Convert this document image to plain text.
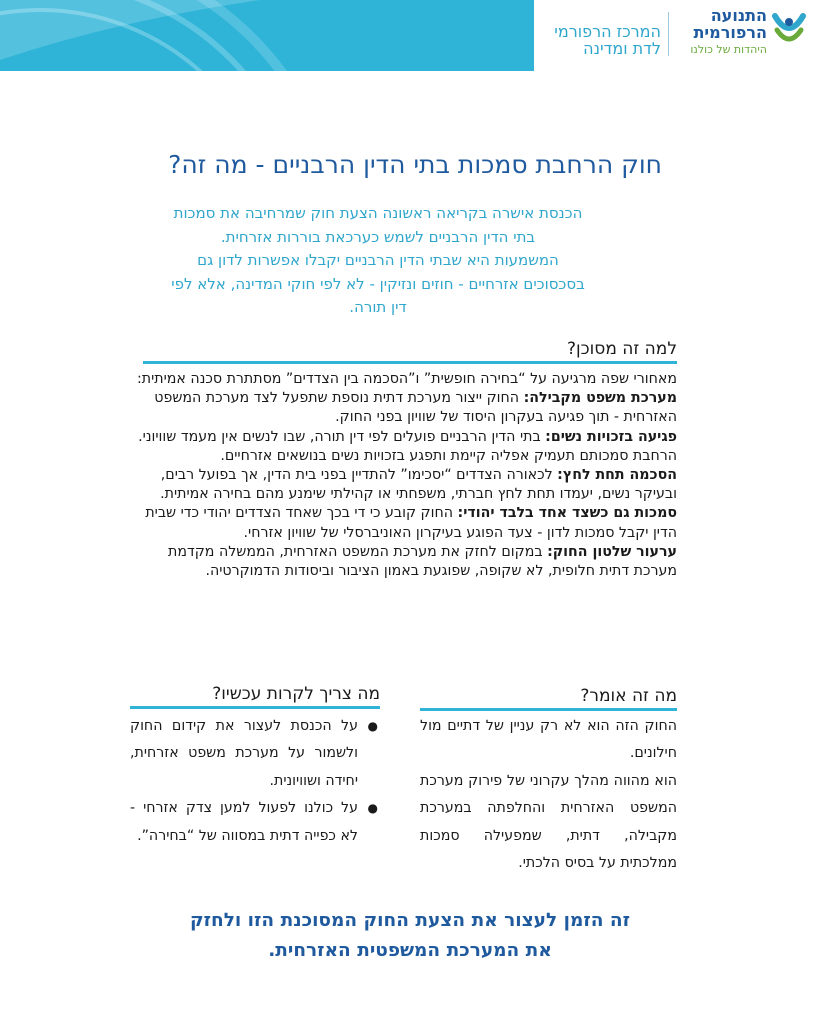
המרכז הרפורמי
לדת ומדינה
התנועה
הרפורמית
היהדות של כולנו
חוק הרחבת סמכות בתי הדין הרבניים - מה זה?
הכנסת אישרה בקריאה ראשונה הצעת חוק שמרחיבה את סמכות
בתי הדין הרבניים לשמש כערכאת בוררות אזרחית.
המשמעות היא שבתי הדין הרבניים יקבלו אפשרות לדון גם
בסכסוכים אזרחיים - חוזים ונזיקין - לא לפי חוקי המדינה, אלא לפי
דין תורה.
למה זה מסוכן?

מאחורי שפה מרגיעה על “בחירה חופשית” ו”הסכמה בין הצדדים” מסתתרת סכנה אמיתית:

מערכת משפט מקבילה: החוק ייצור מערכת דתית נוספת שתפעל לצד מערכת המשפט האזרחית - תוך פגיעה בעקרון היסוד של שוויון בפני החוק.

פגיעה בזכויות נשים: בתי הדין הרבניים פועלים לפי דין תורה, שבו לנשים אין מעמד שוויוני. הרחבת סמכותם תעמיק אפליה קיימת ותפגע בזכויות נשים בנושאים אזרחיים.

הסכמה תחת לחץ: לכאורה הצדדים “יסכימו” להתדיין בפני בית הדין, אך בפועל רבים, ובעיקר נשים, יעמדו תחת לחץ חברתי, משפחתי או קהילתי שימנע מהם בחירה אמיתית.

סמכות גם כשצד אחד בלבד יהודי: החוק קובע כי די בכך שאחד הצדדים יהודי כדי שבית הדין יקבל סמכות לדון - צעד הפוגע בעיקרון האוניברסלי של שוויון אזרחי.

ערעור שלטון החוק: במקום לחזק את מערכת המשפט האזרחית, הממשלה מקדמת מערכת דתית חלופית, לא שקופה, שפוגעת באמון הציבור וביסודות הדמוקרטיה.

מה זה אומר?

החוק הזה הוא לא רק עניין של דתיים מול חילונים.

הוא מהווה מהלך עקרוני של פירוק מערכת המשפט האזרחית והחלפתה במערכת מקבילה, דתית, שמפעילה סמכות ממלכתית על בסיס הלכתי.

מה צריך לקרות עכשיו?
●
על הכנסת לעצור את קידום החוק ולשמור על מערכת משפט אזרחית, יחידה ושוויונית.
●
על כולנו לפעול למען צדק אזרחי - לא כפייה דתית במסווה של “בחירה”.
זה הזמן לעצור את הצעת החוק המסוכנת הזו ולחזק
את המערכת המשפטית האזרחית.
